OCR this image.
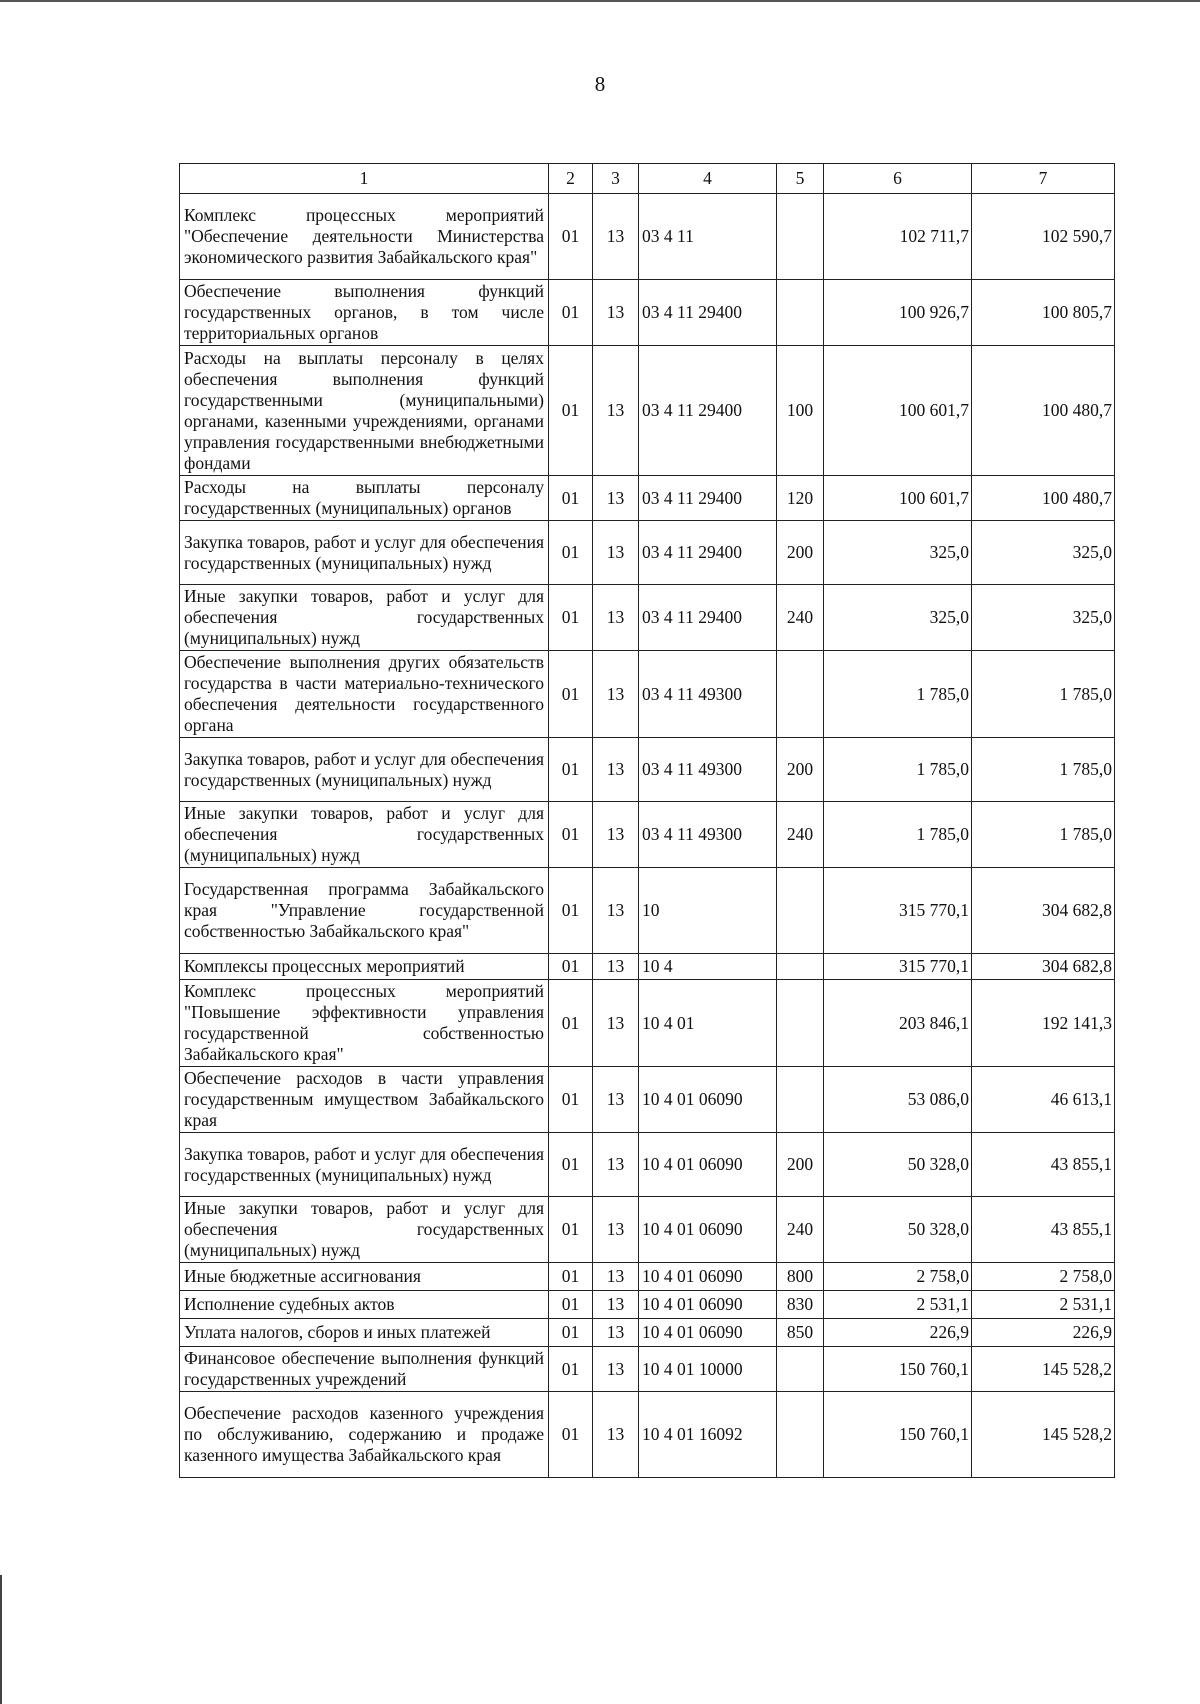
8
1	2	3	4	5	6	7
Комплекс процессных мероприятий "Обеспечение деятельности Министерства экономического развития Забайкальского края"	01	13	03 4 11		102 711,7	102 590,7
Обеспечение выполнения функций государственных органов, в том числе территориальных органов	01	13	03 4 11 29400		100 926,7	100 805,7
Расходы на выплаты персоналу в целях обеспечения выполнения функций государственными (муниципальными) органами, казенными учреждениями, органами управления государственными внебюджетными фондами	01	13	03 4 11 29400	100	100 601,7	100 480,7
Расходы на выплаты персоналу государственных (муниципальных) органов	01	13	03 4 11 29400	120	100 601,7	100 480,7
Закупка товаров, работ и услуг для обеспечения государственных (муниципальных) нужд	01	13	03 4 11 29400	200	325,0	325,0
Иные закупки товаров, работ и услуг для обеспечения государственных (муниципальных) нужд	01	13	03 4 11 29400	240	325,0	325,0
Обеспечение выполнения других обязательств государства в части материально-технического обеспечения деятельности государственного органа	01	13	03 4 11 49300		1 785,0	1 785,0
Закупка товаров, работ и услуг для обеспечения государственных (муниципальных) нужд	01	13	03 4 11 49300	200	1 785,0	1 785,0
Иные закупки товаров, работ и услуг для обеспечения государственных (муниципальных) нужд	01	13	03 4 11 49300	240	1 785,0	1 785,0
Государственная программа Забайкальского края "Управление государственной собственностью Забайкальского края"	01	13	10		315 770,1	304 682,8
Комплексы процессных мероприятий	01	13	10 4		315 770,1	304 682,8
Комплекс процессных мероприятий "Повышение эффективности управления государственной собственностью Забайкальского края"	01	13	10 4 01		203 846,1	192 141,3
Обеспечение расходов в части управления государственным имуществом Забайкальского края	01	13	10 4 01 06090		53 086,0	46 613,1
Закупка товаров, работ и услуг для обеспечения государственных (муниципальных) нужд	01	13	10 4 01 06090	200	50 328,0	43 855,1
Иные закупки товаров, работ и услуг для обеспечения государственных (муниципальных) нужд	01	13	10 4 01 06090	240	50 328,0	43 855,1
Иные бюджетные ассигнования	01	13	10 4 01 06090	800	2 758,0	2 758,0
Исполнение судебных актов	01	13	10 4 01 06090	830	2 531,1	2 531,1
Уплата налогов, сборов и иных платежей	01	13	10 4 01 06090	850	226,9	226,9
Финансовое обеспечение выполнения функций государственных учреждений	01	13	10 4 01 10000		150 760,1	145 528,2
Обеспечение расходов казенного учреждения по обслуживанию, содержанию и продаже казенного имущества Забайкальского края	01	13	10 4 01 16092		150 760,1	145 528,2
